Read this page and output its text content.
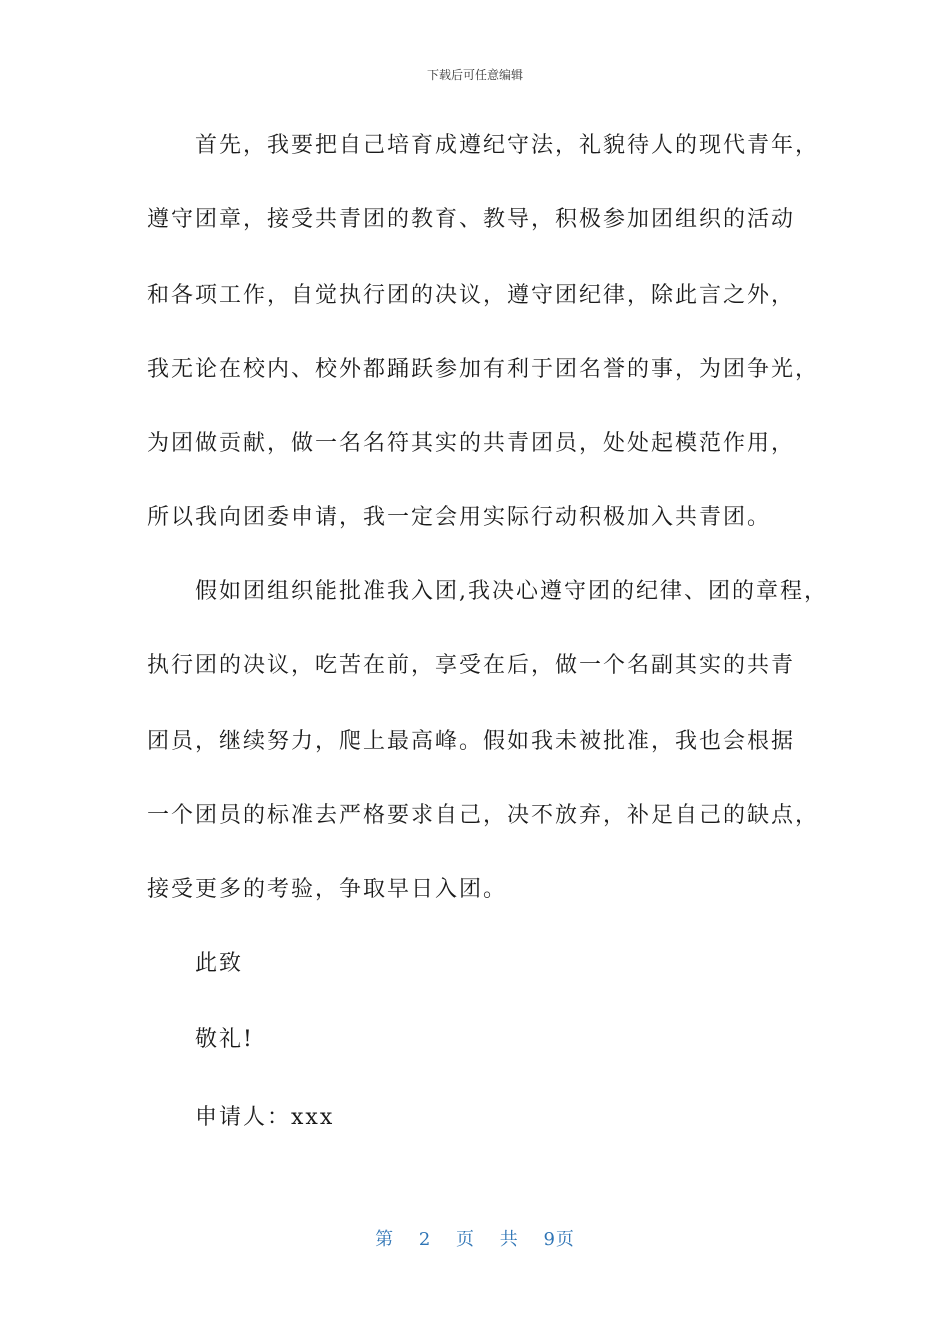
下载后可任意编辑
首先，我要把自己培育成遵纪守法，礼貌待人的现代青年，
遵守团章，接受共青团的教育、教导，积极参加团组织的活动
和各项工作，自觉执行团的决议，遵守团纪律，除此言之外，
我无论在校内、校外都踊跃参加有利于团名誉的事，为团争光，
为团做贡献，做一名名符其实的共青团员，处处起模范作用，
所以我向团委申请，我一定会用实际行动积极加入共青团。
假如团组织能批准我入团,我决心遵守团的纪律、团的章程，
执行团的决议，吃苦在前，享受在后，做一个名副其实的共青
团员，继续努力，爬上最高峰。假如我未被批准，我也会根据
一个团员的标准去严格要求自己，决不放弃，补足自己的缺点，
接受更多的考验，争取早日入团。
此致
敬礼!
申请人：xxx
第 2 页 共 9页
